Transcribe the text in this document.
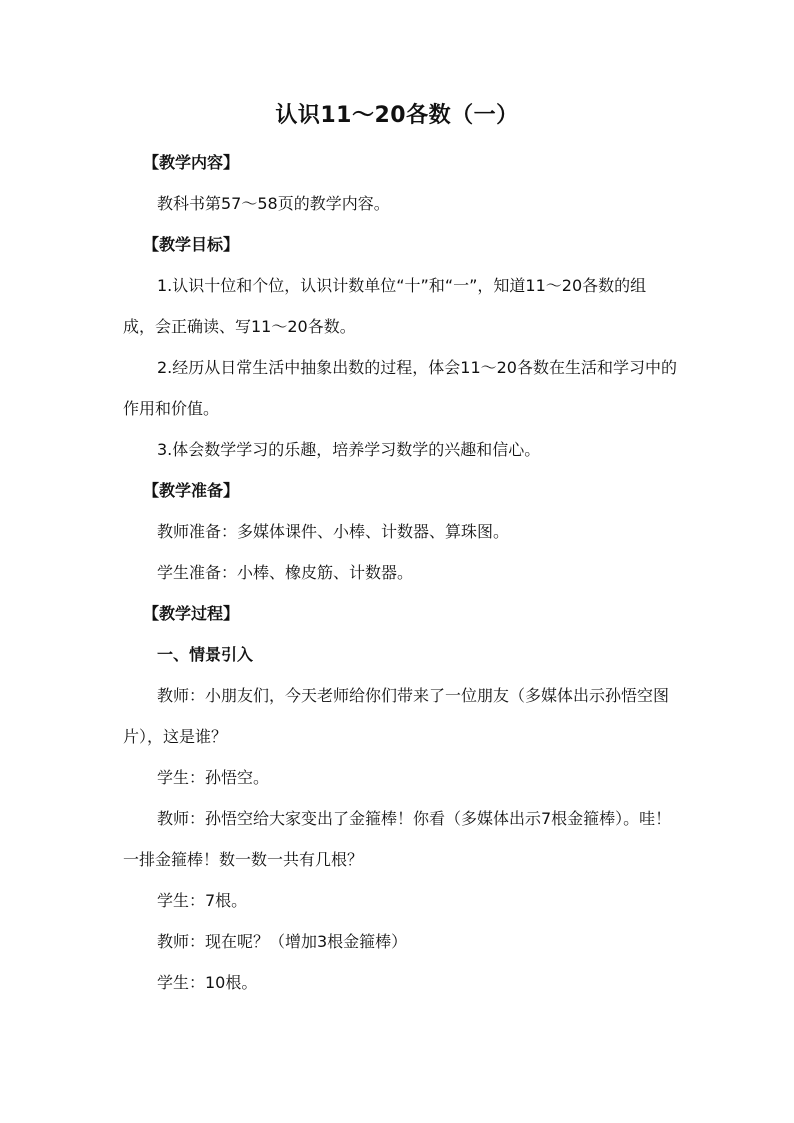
认识11～20各数（一）

【教学内容】

教科书第57～58页的教学内容。

【教学目标】

1.认识十位和个位，认识计数单位“十”和“一”，知道11～20各数的组成，会正确读、写11～20各数。

2.经历从日常生活中抽象出数的过程，体会11～20各数在生活和学习中的作用和价值。

3.体会数学学习的乐趣，培养学习数学的兴趣和信心。

【教学准备】

教师准备：多媒体课件、小棒、计数器、算珠图。

学生准备：小棒、橡皮筋、计数器。

【教学过程】

一、情景引入

教师：小朋友们，今天老师给你们带来了一位朋友（多媒体出示孙悟空图片），这是谁？

学生：孙悟空。

教师：孙悟空给大家变出了金箍棒！你看（多媒体出示7根金箍棒）。哇！一排金箍棒！数一数一共有几根？

学生：7根。

教师：现在呢？（增加3根金箍棒）

学生：10根。
